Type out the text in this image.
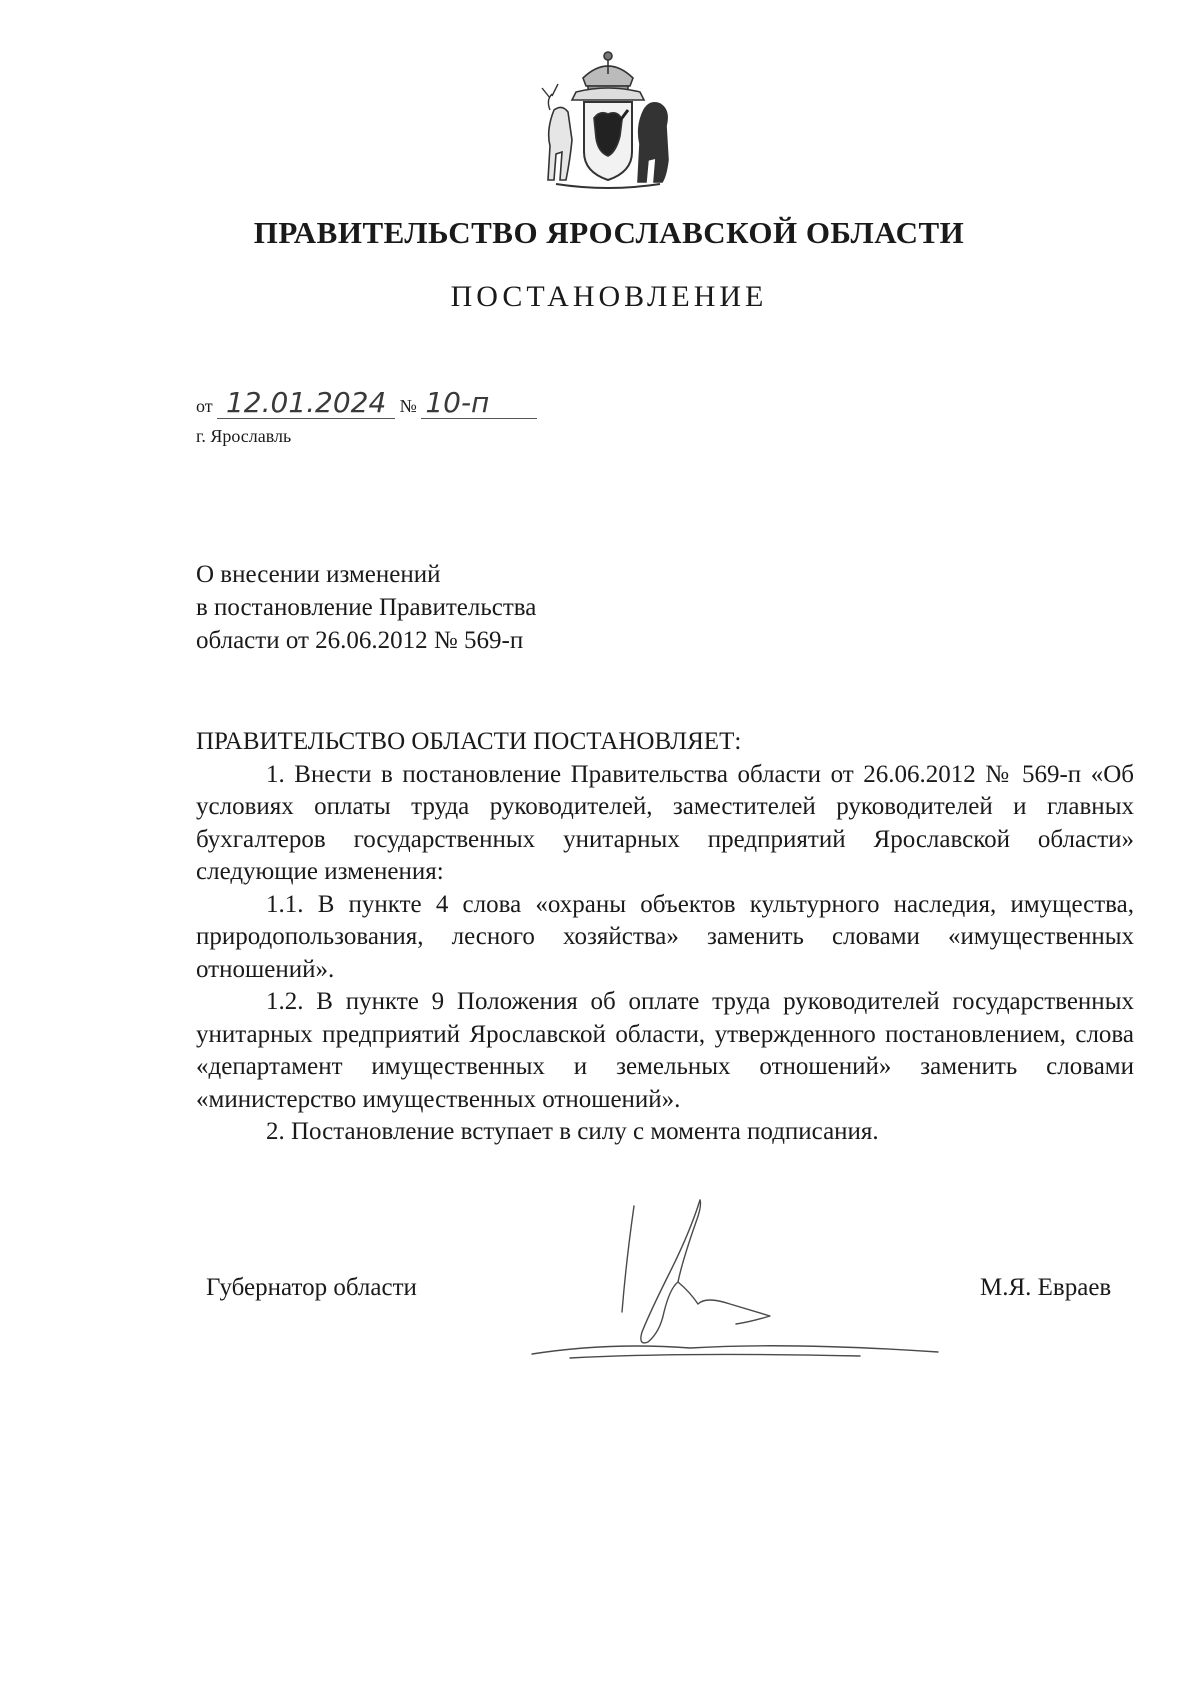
ПРАВИТЕЛЬСТВО ЯРОСЛАВСКОЙ ОБЛАСТИ
ПОСТАНОВЛЕНИЕ
от 12.01.2024 № 10-п
г. Ярославль
О внесении изменений
в постановление Правительства
области от 26.06.2012 № 569-п

ПРАВИТЕЛЬСТВО ОБЛАСТИ ПОСТАНОВЛЯЕТ:

1. Внести в постановление Правительства области от 26.06.2012 № 569-п «Об условиях оплаты труда руководителей, заместителей руководителей и главных бухгалтеров государственных унитарных предприятий Ярославской области» следующие изменения:

1.1. В пункте 4 слова «охраны объектов культурного наследия, имущества, природопользования, лесного хозяйства» заменить словами «имущественных отношений».

1.2. В пункте 9 Положения об оплате труда руководителей государственных унитарных предприятий Ярославской области, утвержденного постановлением, слова «департамент имущественных и земельных отношений» заменить словами «министерство имущественных отношений».

2. Постановление вступает в силу с момента подписания.

Губернатор области	М.Я. Евраев
